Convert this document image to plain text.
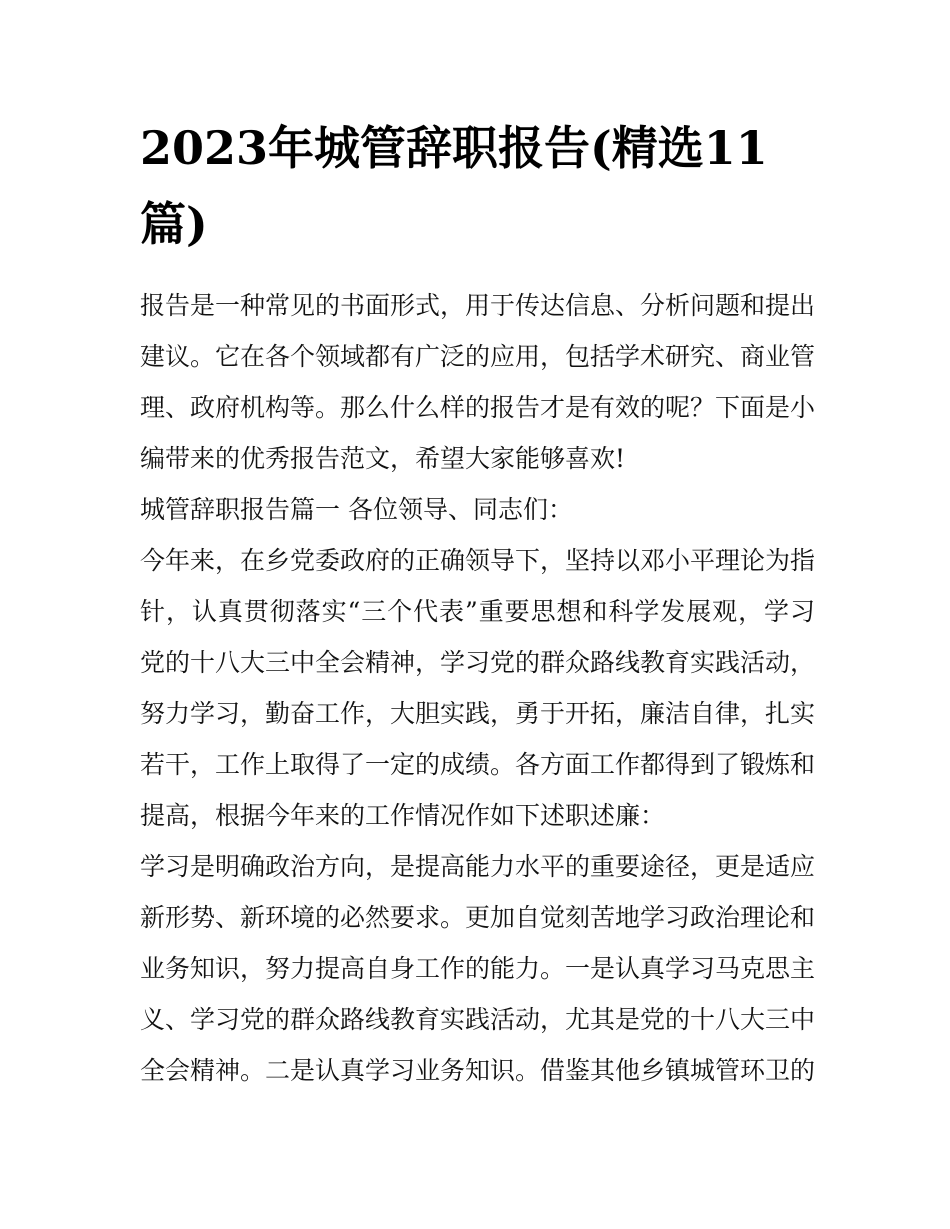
2023年城管辞职报告(精选11篇)

报告是一种常见的书面形式，用于传达信息、分析问题和提出建议。它在各个领域都有广泛的应用，包括学术研究、商业管理、政府机构等。那么什么样的报告才是有效的呢？下面是小编带来的优秀报告范文，希望大家能够喜欢!

城管辞职报告篇一 各位领导、同志们：

今年来，在乡党委政府的正确领导下，坚持以邓小平理论为指针，认真贯彻落实“三个代表”重要思想和科学发展观，学习党的十八大三中全会精神，学习党的群众路线教育实践活动，努力学习，勤奋工作，大胆实践，勇于开拓，廉洁自律，扎实若干，工作上取得了一定的成绩。各方面工作都得到了锻炼和提高，根据今年来的工作情况作如下述职述廉：

学习是明确政治方向，是提高能力水平的重要途径，更是适应新形势、新环境的必然要求。更加自觉刻苦地学习政治理论和业务知识，努力提高自身工作的能力。一是认真学习马克思主义、学习党的群众路线教育实践活动，尤其是党的十八大三中全会精神。二是认真学习业务知识。借鉴其他乡镇城管环卫的
